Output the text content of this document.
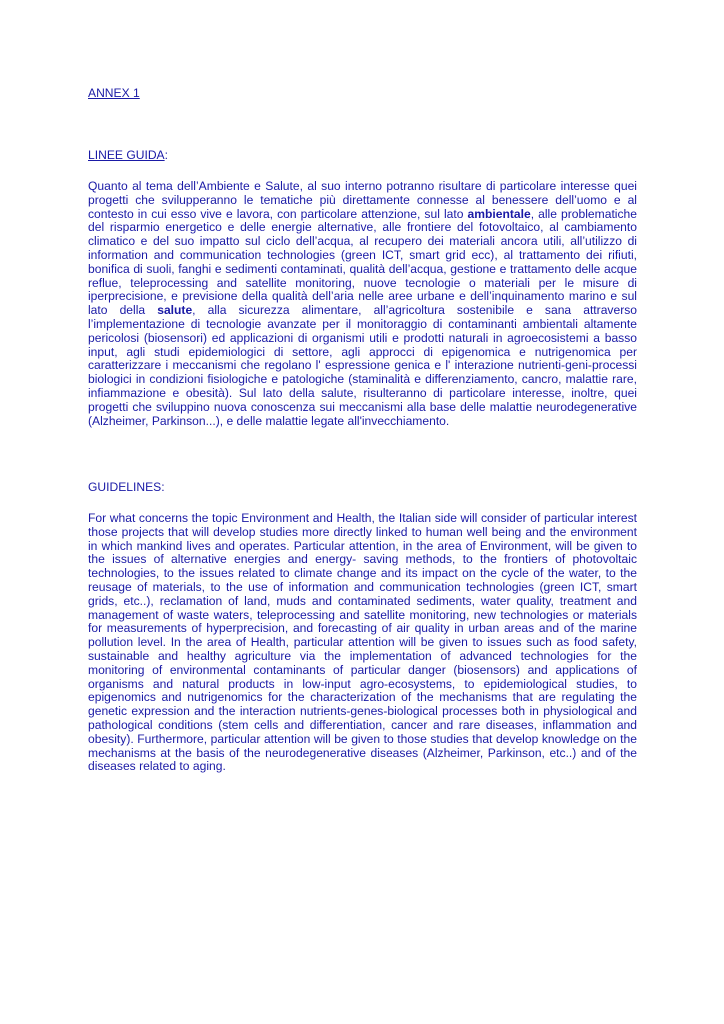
ANNEX 1
LINEE GUIDA:

Quanto al tema dell’Ambiente e Salute, al suo interno potranno risultare di particolare interesse quei progetti che svilupperanno le tematiche più direttamente connesse al benessere dell’uomo e al contesto in cui esso vive e lavora, con particolare attenzione, sul lato ambientale, alle problematiche del risparmio energetico e delle energie alternative, alle frontiere del fotovoltaico, al cambiamento climatico e del suo impatto sul ciclo dell’acqua, al recupero dei materiali ancora utili, all’utilizzo di information and communication technologies (green ICT, smart grid ecc), al trattamento dei rifiuti, bonifica di suoli, fanghi e sedimenti contaminati, qualità dell’acqua, gestione e trattamento delle acque reflue, teleprocessing and satellite monitoring, nuove tecnologie o materiali per le misure di iperprecisione, e previsione della qualità dell’aria nelle aree urbane e dell’inquinamento marino e sul lato della salute, alla sicurezza alimentare, all’agricoltura sostenibile e sana attraverso l’implementazione di tecnologie avanzate per il monitoraggio di contaminanti ambientali altamente pericolosi (biosensori) ed applicazioni di organismi utili e prodotti naturali in agroecosistemi a basso input, agli studi epidemiologici di settore, agli approcci di epigenomica e nutrigenomica per caratterizzare i meccanismi che regolano l' espressione genica e l' interazione nutrienti-geni-processi biologici in condizioni fisiologiche e patologiche (staminalità e differenziamento, cancro, malattie rare, infiammazione e obesità). Sul lato della salute, risulteranno di particolare interesse, inoltre, quei progetti che sviluppino nuova conoscenza sui meccanismi alla base delle malattie neurodegenerative (Alzheimer, Parkinson...), e delle malattie legate all'invecchiamento.

GUIDELINES:

For what concerns the topic Environment and Health, the Italian side will consider of particular interest those projects that will develop studies more directly linked to human well being and the environment in which mankind lives and operates. Particular attention, in the area of Environment, will be given to the issues of alternative energies and energy- saving methods, to the frontiers of photovoltaic technologies, to the issues related to climate change and its impact on the cycle of the water, to the reusage of materials, to the use of information and communication technologies (green ICT, smart grids, etc..), reclamation of land, muds and contaminated sediments, water quality, treatment and management of waste waters, teleprocessing and satellite monitoring, new technologies or materials for measurements of hyperprecision, and forecasting of air quality in urban areas and of the marine pollution level. In the area of Health, particular attention will be given to issues such as food safety, sustainable and healthy agriculture via the implementation of advanced technologies for the monitoring of environmental contaminants of particular danger (biosensors) and applications of organisms and natural products in low-input agro-ecosystems, to epidemiological studies, to epigenomics and nutrigenomics for the characterization of the mechanisms that are regulating the genetic expression and the interaction nutrients-genes-biological processes both in physiological and pathological conditions (stem cells and differentiation, cancer and rare diseases, inflammation and obesity). Furthermore, particular attention will be given to those studies that develop knowledge on the mechanisms at the basis of the neurodegenerative diseases (Alzheimer, Parkinson, etc..) and of the diseases related to aging.
